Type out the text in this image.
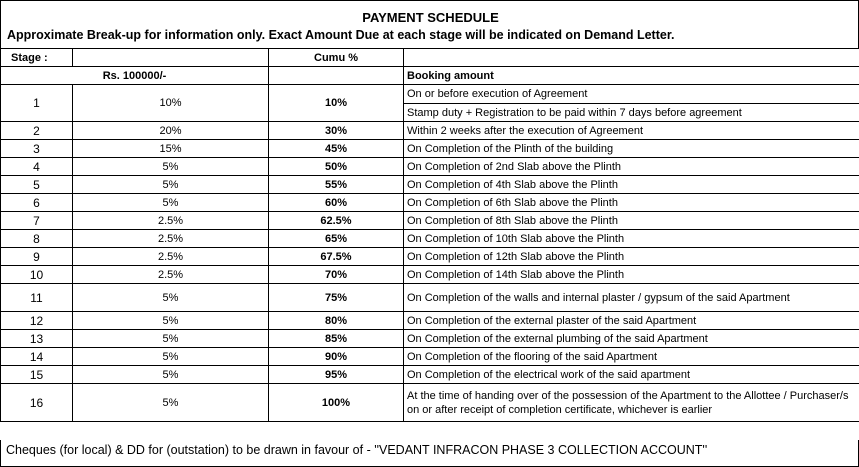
PAYMENT SCHEDULE
Approximate Break-up for information only. Exact Amount Due at each stage will be indicated on Demand Letter.
Stage :		Cumu %	
Rs. 100000/-			Booking amount
1	10%	10%	On or before execution of Agreement
			Stamp duty + Registration to be paid within 7 days before agreement
2	20%	30%	Within 2 weeks after the execution of Agreement
3	15%	45%	On Completion of the Plinth of the building
4	5%	50%	On Completion of 2nd Slab above the Plinth
5	5%	55%	On Completion of 4th Slab above the Plinth
6	5%	60%	On Completion of 6th Slab above the Plinth
7	2.5%	62.5%	On Completion of 8th Slab above the Plinth
8	2.5%	65%	On Completion of 10th Slab above the Plinth
9	2.5%	67.5%	On Completion of 12th Slab above the Plinth
10	2.5%	70%	On Completion of 14th Slab above the Plinth
11	5%	75%	On Completion of the walls and internal plaster / gypsum of the said Apartment
12	5%	80%	On Completion of the external plaster of the said Apartment
13	5%	85%	On Completion of the external plumbing of the said Apartment
14	5%	90%	On Completion of the flooring of the said Apartment
15	5%	95%	On Completion of the electrical work of the said apartment
16	5%	100%	At the time of handing over of the possession of the Apartment to the Allottee / Purchaser/s on or after receipt of completion certificate, whichever is earlier
Cheques (for local) & DD for (outstation) to be drawn in favour of - ''VEDANT INFRACON PHASE 3 COLLECTION ACCOUNT''
